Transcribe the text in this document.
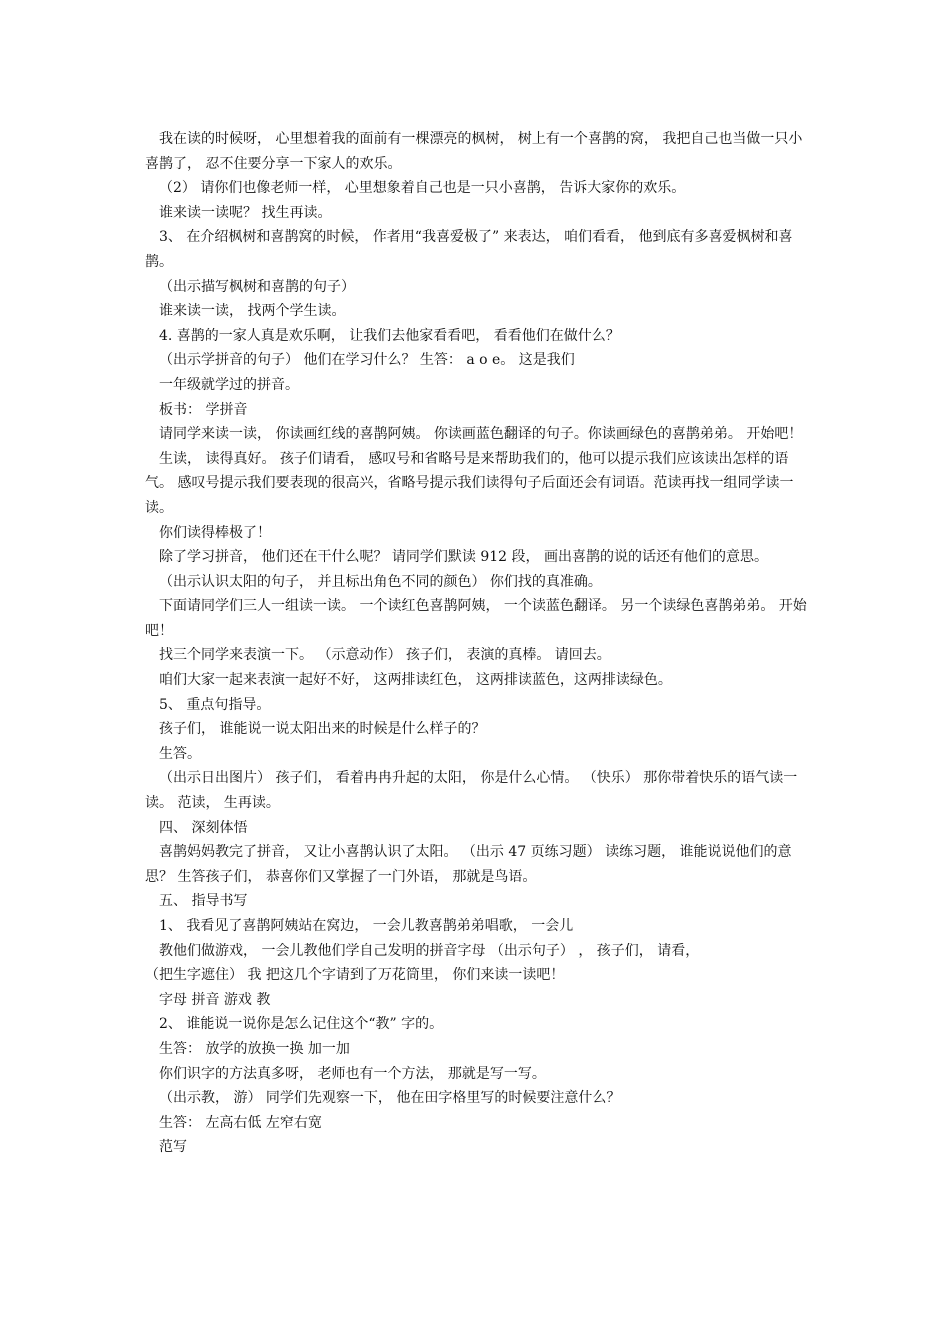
我在读的时候呀， 心里想着我的面前有一棵漂亮的枫树， 树上有一个喜鹊的窝， 我把自己也当做一只小喜鹊了， 忍不住要分享一下家人的欢乐。

（2） 请你们也像老师一样， 心里想象着自己也是一只小喜鹊， 告诉大家你的欢乐。

谁来读一读呢？ 找生再读。

3、 在介绍枫树和喜鹊窝的时候， 作者用“我喜爱极了” 来表达， 咱们看看， 他到底有多喜爱枫树和喜鹊。

（出示描写枫树和喜鹊的句子）

谁来读一读， 找两个学生读。

4. 喜鹊的一家人真是欢乐啊， 让我们去他家看看吧， 看看他们在做什么？

（出示学拼音的句子） 他们在学习什么？ 生答： a o e。 这是我们

一年级就学过的拼音。

板书： 学拼音

请同学来读一读， 你读画红线的喜鹊阿姨。 你读画蓝色翻译的句子。你读画绿色的喜鹊弟弟。 开始吧！

生读， 读得真好。 孩子们请看， 感叹号和省略号是来帮助我们的，他可以提示我们应该读出怎样的语气。 感叹号提示我们要表现的很高兴，省略号提示我们读得句子后面还会有词语。范读再找一组同学读一读。

你们读得棒极了！

除了学习拼音， 他们还在干什么呢？ 请同学们默读 912 段， 画出喜鹊的说的话还有他们的意思。

（出示认识太阳的句子， 并且标出角色不同的颜色） 你们找的真准确。

下面请同学们三人一组读一读。 一个读红色喜鹊阿姨， 一个读蓝色翻译。 另一个读绿色喜鹊弟弟。 开始吧！

找三个同学来表演一下。 （示意动作） 孩子们， 表演的真棒。 请回去。

咱们大家一起来表演一起好不好， 这两排读红色， 这两排读蓝色，这两排读绿色。

5、 重点句指导。

孩子们， 谁能说一说太阳出来的时候是什么样子的？

生答。

（出示日出图片） 孩子们， 看着冉冉升起的太阳， 你是什么心情。 （快乐） 那你带着快乐的语气读一读。 范读， 生再读。

四、 深刻体悟

喜鹊妈妈教完了拼音， 又让小喜鹊认识了太阳。 （出示 47 页练习题） 读练习题， 谁能说说他们的意思？ 生答孩子们， 恭喜你们又掌握了一门外语， 那就是鸟语。

五、 指导书写

1、 我看见了喜鹊阿姨站在窝边， 一会儿教喜鹊弟弟唱歌， 一会儿

教他们做游戏， 一会儿教他们学自己发明的拼音字母 （出示句子） ， 孩子们， 请看，

（把生字遮住） 我 把这几个字请到了万花筒里， 你们来读一读吧！

字母 拼音 游戏 教

2、 谁能说一说你是怎么记住这个“教” 字的。

生答： 放学的放换一换 加一加

你们识字的方法真多呀， 老师也有一个方法， 那就是写一写。

（出示教， 游） 同学们先观察一下， 他在田字格里写的时候要注意什么？

生答： 左高右低 左窄右宽

范写
